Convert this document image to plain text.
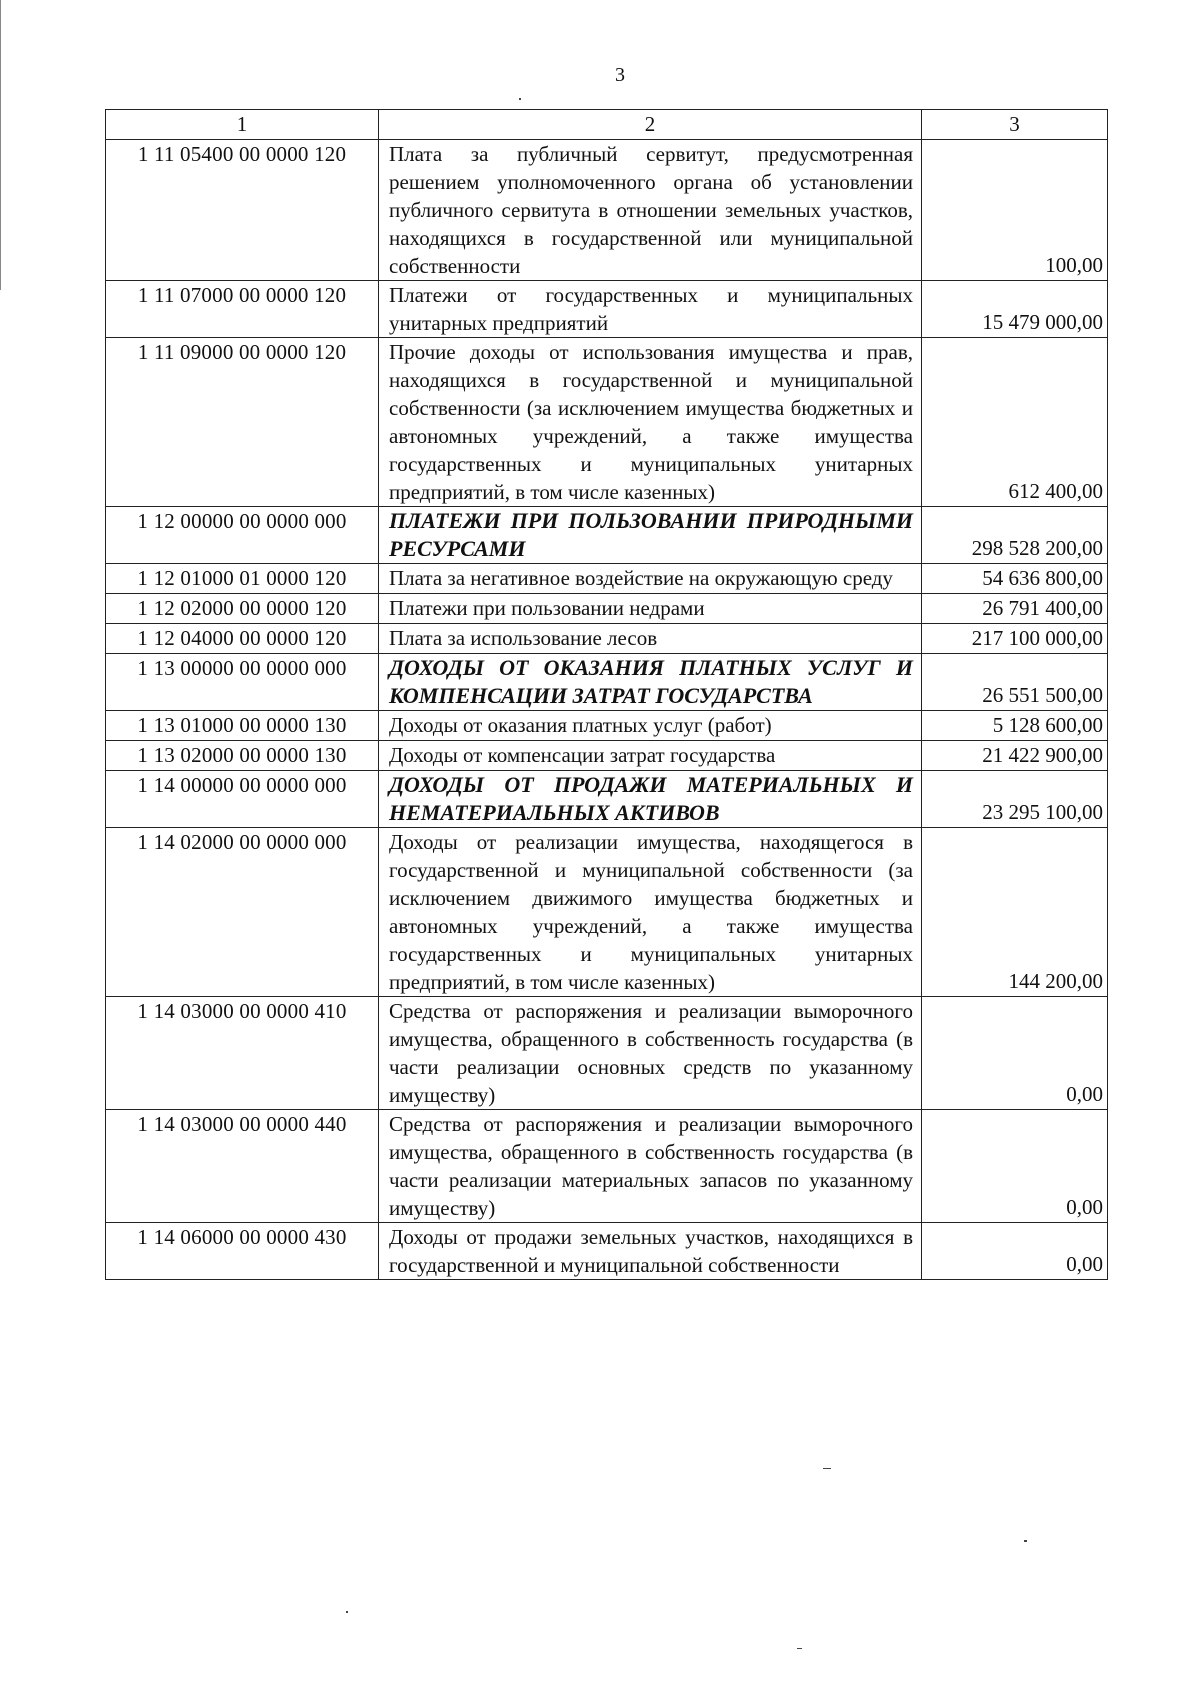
3
1	2	3
1 11 05400 00 0000 120	Плата за публичный сервитут, предусмотренная решением уполномоченного органа об установлении публичного сервитута в отношении земельных участков, находящихся в государственной или муниципальной собственности	100,00
1 11 07000 00 0000 120	Платежи от государственных и муниципальных унитарных предприятий	15 479 000,00
1 11 09000 00 0000 120	Прочие доходы от использования имущества и прав, находящихся в государственной и муниципальной собственности (за исключением имущества бюджетных и автономных учреждений, а также имущества государственных и муниципальных унитарных предприятий, в том числе казенных)	612 400,00
1 12 00000 00 0000 000	ПЛАТЕЖИ ПРИ ПОЛЬЗОВАНИИ ПРИРОДНЫМИ РЕСУРСАМИ	298 528 200,00
1 12 01000 01 0000 120	Плата за негативное воздействие на окружающую среду	54 636 800,00
1 12 02000 00 0000 120	Платежи при пользовании недрами	26 791 400,00
1 12 04000 00 0000 120	Плата за использование лесов	217 100 000,00
1 13 00000 00 0000 000	ДОХОДЫ ОТ ОКАЗАНИЯ ПЛАТНЫХ УСЛУГ И КОМПЕНСАЦИИ ЗАТРАТ ГОСУДАРСТВА	26 551 500,00
1 13 01000 00 0000 130	Доходы от оказания платных услуг (работ)	5 128 600,00
1 13 02000 00 0000 130	Доходы от компенсации затрат государства	21 422 900,00
1 14 00000 00 0000 000	ДОХОДЫ ОТ ПРОДАЖИ МАТЕРИАЛЬНЫХ И НЕМАТЕРИАЛЬНЫХ АКТИВОВ	23 295 100,00
1 14 02000 00 0000 000	Доходы от реализации имущества, находящегося в государственной и муниципальной собственности (за исключением движимого имущества бюджетных и автономных учреждений, а также имущества государственных и муниципальных унитарных предприятий, в том числе казенных)	144 200,00
1 14 03000 00 0000 410	Средства от распоряжения и реализации выморочного имущества, обращенного в собственность государства (в части реализации основных средств по указанному имуществу)	0,00
1 14 03000 00 0000 440	Средства от распоряжения и реализации выморочного имущества, обращенного в собственность государства (в части реализации материальных запасов по указанному имуществу)	0,00
1 14 06000 00 0000 430	Доходы от продажи земельных участков, находящихся в государственной и муниципальной собственности	0,00
